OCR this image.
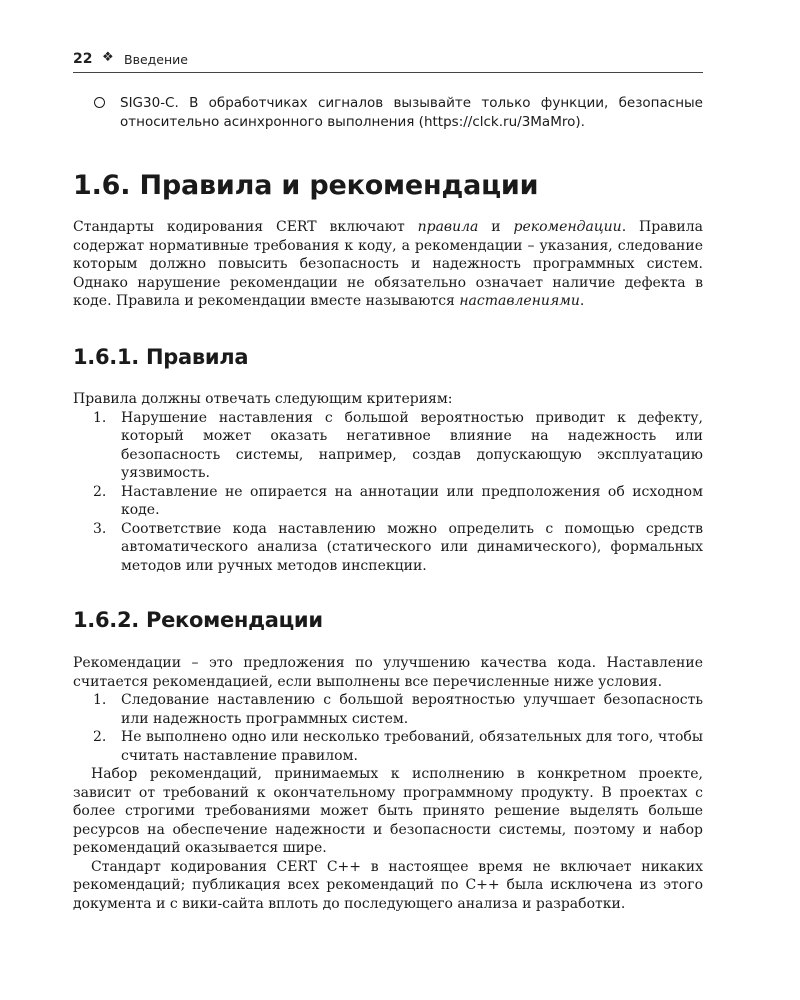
22 ❖ Введение
SIG30-C. В обработчиках сигналов вызывайте только функции, безопасные относительно асинхронного выполнения (https://clck.ru/3MaMro).
1.6. Правила и рекомендации

Стандарты кодирования CERT включают правила и рекомендации. Правила содержат нормативные требования к коду, а рекомендации – указания, следование которым должно повысить безопасность и надежность программных систем. Однако нарушение рекомендации не обязательно означает наличие дефекта в коде. Правила и рекомендации вместе называются наставлениями.

1.6.1. Правила

Правила должны отвечать следующим критериям:

1. Нарушение наставления с большой вероятностью приводит к дефекту, который может оказать негативное влияние на надежность или безопасность системы, например, создав допускающую эксплуатацию уязвимость.
2. Наставление не опирается на аннотации или предположения об исходном коде.
3. Соответствие кода наставлению можно определить с помощью средств автоматического анализа (статического или динамического), формальных методов или ручных методов инспекции.
1.6.2. Рекомендации

Рекомендации – это предложения по улучшению качества кода. Наставление считается рекомендацией, если выполнены все перечисленные ниже условия.

1. Следование наставлению с большой вероятностью улучшает безопасность или надежность программных систем.
2. Не выполнено одно или несколько требований, обязательных для того, чтобы считать наставление правилом.

Набор рекомендаций, принимаемых к исполнению в конкретном проекте, зависит от требований к окончательному программному продукту. В проектах с более строгими требованиями может быть принято решение выделять больше ресурсов на обеспечение надежности и безопасности системы, поэтому и набор рекомендаций оказывается шире.

Стандарт кодирования CERT C++ в настоящее время не включает никаких рекомендаций; публикация всех рекомендаций по C++ была исключена из этого документа и с вики-сайта вплоть до последующего анализа и разработки.
